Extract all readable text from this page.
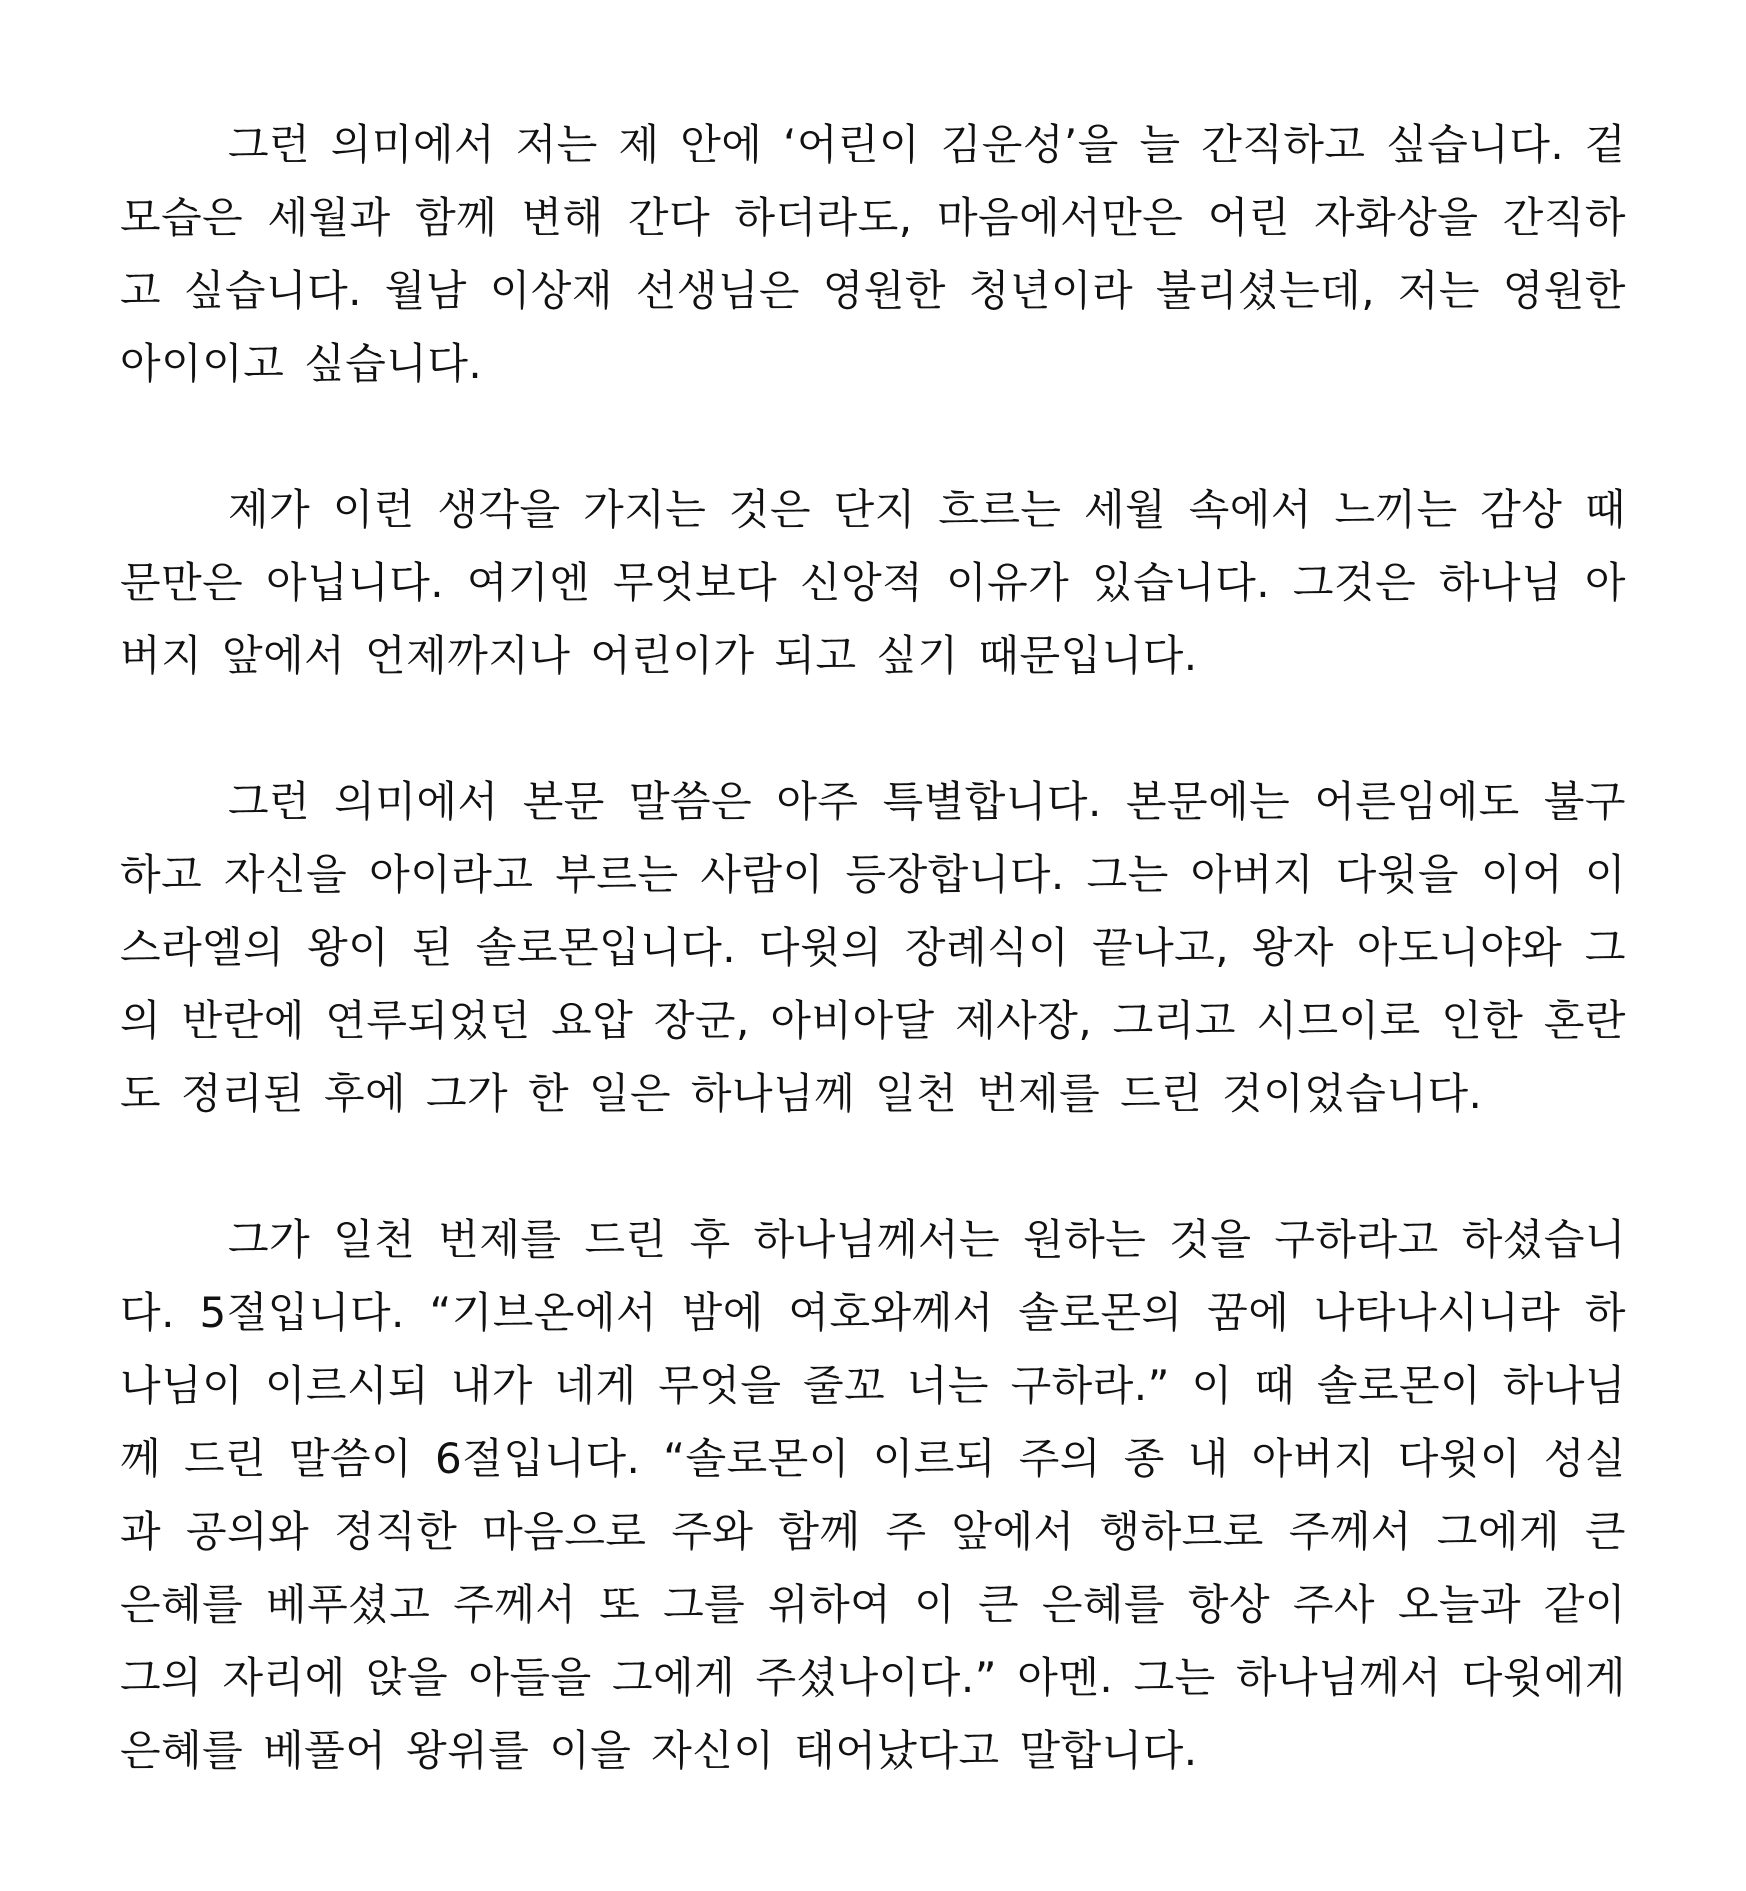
그런 의미에서 저는 제 안에 ‘어린이 김운성’을 늘 간직하고 싶습니다. 겉모습은 세월과 함께 변해 간다 하더라도, 마음에서만은 어린 자화상을 간직하고 싶습니다. 월남 이상재 선생님은 영원한 청년이라 불리셨는데, 저는 영원한 아이이고 싶습니다.

제가 이런 생각을 가지는 것은 단지 흐르는 세월 속에서 느끼는 감상 때문만은 아닙니다. 여기엔 무엇보다 신앙적 이유가 있습니다. 그것은 하나님 아버지 앞에서 언제까지나 어린이가 되고 싶기 때문입니다.

그런 의미에서 본문 말씀은 아주 특별합니다. 본문에는 어른임에도 불구하고 자신을 아이라고 부르는 사람이 등장합니다. 그는 아버지 다윗을 이어 이스라엘의 왕이 된 솔로몬입니다. 다윗의 장례식이 끝나고, 왕자 아도니야와 그의 반란에 연루되었던 요압 장군, 아비아달 제사장, 그리고 시므이로 인한 혼란도 정리된 후에 그가 한 일은 하나님께 일천 번제를 드린 것이었습니다.

그가 일천 번제를 드린 후 하나님께서는 원하는 것을 구하라고 하셨습니다. 5절입니다. “기브온에서 밤에 여호와께서 솔로몬의 꿈에 나타나시니라 하나님이 이르시되 내가 네게 무엇을 줄꼬 너는 구하라.” 이 때 솔로몬이 하나님께 드린 말씀이 6절입니다. “솔로몬이 이르되 주의 종 내 아버지 다윗이 성실과 공의와 정직한 마음으로 주와 함께 주 앞에서 행하므로 주께서 그에게 큰 은혜를 베푸셨고 주께서 또 그를 위하여 이 큰 은혜를 항상 주사 오늘과 같이 그의 자리에 앉을 아들을 그에게 주셨나이다.” 아멘. 그는 하나님께서 다윗에게 은혜를 베풀어 왕위를 이을 자신이 태어났다고 말합니다.
